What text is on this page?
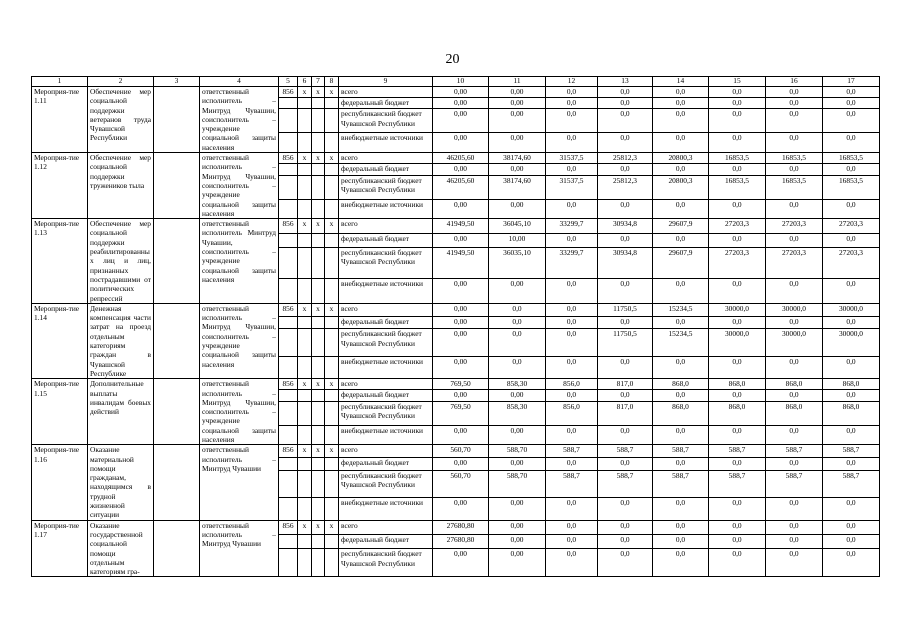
20
1	2	3	4	5	6	7	8	9	10	11	12	13	14	15	16	17
Мероприя-тие 1.11	Обеспечение мер социальной поддержки ветеранов труда Чувашской Республики		ответственный исполнитель – Минтруд Чувашии, соисполнитель – учреждение социальной защиты населения	856	x	x	x	всего	0,00	0,00	0,0	0,0	0,0	0,0	0,0	0,0
								федеральный бюджет	0,00	0,00	0,0	0,0	0,0	0,0	0,0	0,0
								республиканский бюджет Чувашской Республики	0,00	0,00	0,0	0,0	0,0	0,0	0,0	0,0
								внебюджетные источники	0,00	0,00	0,0	0,0	0,0	0,0	0,0	0,0
Мероприя-тие 1.12	Обеспечение мер социальной поддержки тружеников тыла		ответственный исполнитель – Минтруд Чувашии, соисполнитель – учреждение социальной защиты населения	856	x	x	x	всего	46205,60	38174,60	31537,5	25812,3	20800,3	16853,5	16853,5	16853,5
								федеральный бюджет	0,00	0,00	0,0	0,0	0,0	0,0	0,0	0,0
								республиканский бюджет Чувашской Республики	46205,60	38174,60	31537,5	25812,3	20800,3	16853,5	16853,5	16853,5
								внебюджетные источники	0,00	0,00	0,0	0,0	0,0	0,0	0,0	0,0
Мероприя-тие 1.13	Обеспечение мер социальной поддержки реабилитированных лиц и лиц, признанных пострадавшими от политических репрессий		ответственный исполнитель Минтруд Чувашии, соисполнитель – учреждение социальной защиты населения	856	x	x	x	всего	41949,50	36045,10	33299,7	30934,8	29607,9	27203,3	27203,3	27203,3
								федеральный бюджет	0,00	10,00	0,0	0,0	0,0	0,0	0,0	0,0
								республиканский бюджет Чувашской Республики	41949,50	36035,10	33299,7	30934,8	29607,9	27203,3	27203,3	27203,3
								внебюджетные источники	0,00	0,00	0,0	0,0	0,0	0,0	0,0	0,0
Мероприя-тие 1.14	Денежная компенсация части затрат на проезд отдельным категориям граждан в Чувашской Республике		ответственный исполнитель – Минтруд Чувашии, соисполнитель – учреждение социальной защиты населения	856	x	x	x	всего	0,00	0,0	0,0	11750,5	15234,5	30000,0	30000,0	30000,0
								федеральный бюджет	0,00	0,0	0,0	0,0	0,0	0,0	0,0	0,0
								республиканский бюджет Чувашской Республики	0,00	0,0	0,0	11750,5	15234,5	30000,0	30000,0	30000,0
								внебюджетные источники	0,00	0,0	0,0	0,0	0,0	0,0	0,0	0,0
Мероприя-тие 1.15	Дополнительные выплаты инвалидам боевых действий		ответственный исполнитель – Минтруд Чувашии, соисполнитель – учреждение социальной защиты населения	856	x	x	x	всего	769,50	858,30	856,0	817,0	868,0	868,0	868,0	868,0
								федеральный бюджет	0,00	0,00	0,0	0,0	0,0	0,0	0,0	0,0
								республиканский бюджет Чувашской Республики	769,50	858,30	856,0	817,0	868,0	868,0	868,0	868,0
								внебюджетные источники	0,00	0,00	0,0	0,0	0,0	0,0	0,0	0,0
Мероприя-тие 1.16	Оказание материальной помощи гражданам, находящимся в трудной жизненной ситуации		ответственный исполнитель – Минтруд Чувашии	856	x	x	x	всего	560,70	588,70	588,7	588,7	588,7	588,7	588,7	588,7
								федеральный бюджет	0,00	0,00	0,0	0,0	0,0	0,0	0,0	0,0
								республиканский бюджет Чувашской Республики	560,70	588,70	588,7	588,7	588,7	588,7	588,7	588,7
								внебюджетные источники	0,00	0,00	0,0	0,0	0,0	0,0	0,0	0,0
Мероприя-тие 1.17	Оказание государственной социальной помощи отдельным категориям гра-		ответственный исполнитель – Минтруд Чувашии	856	x	x	x	всего	27680,80	0,00	0,0	0,0	0,0	0,0	0,0	0,0
								федеральный бюджет	27680,80	0,00	0,0	0,0	0,0	0,0	0,0	0,0
								республиканский бюджет Чувашской Республики	0,00	0,00	0,0	0,0	0,0	0,0	0,0	0,0
